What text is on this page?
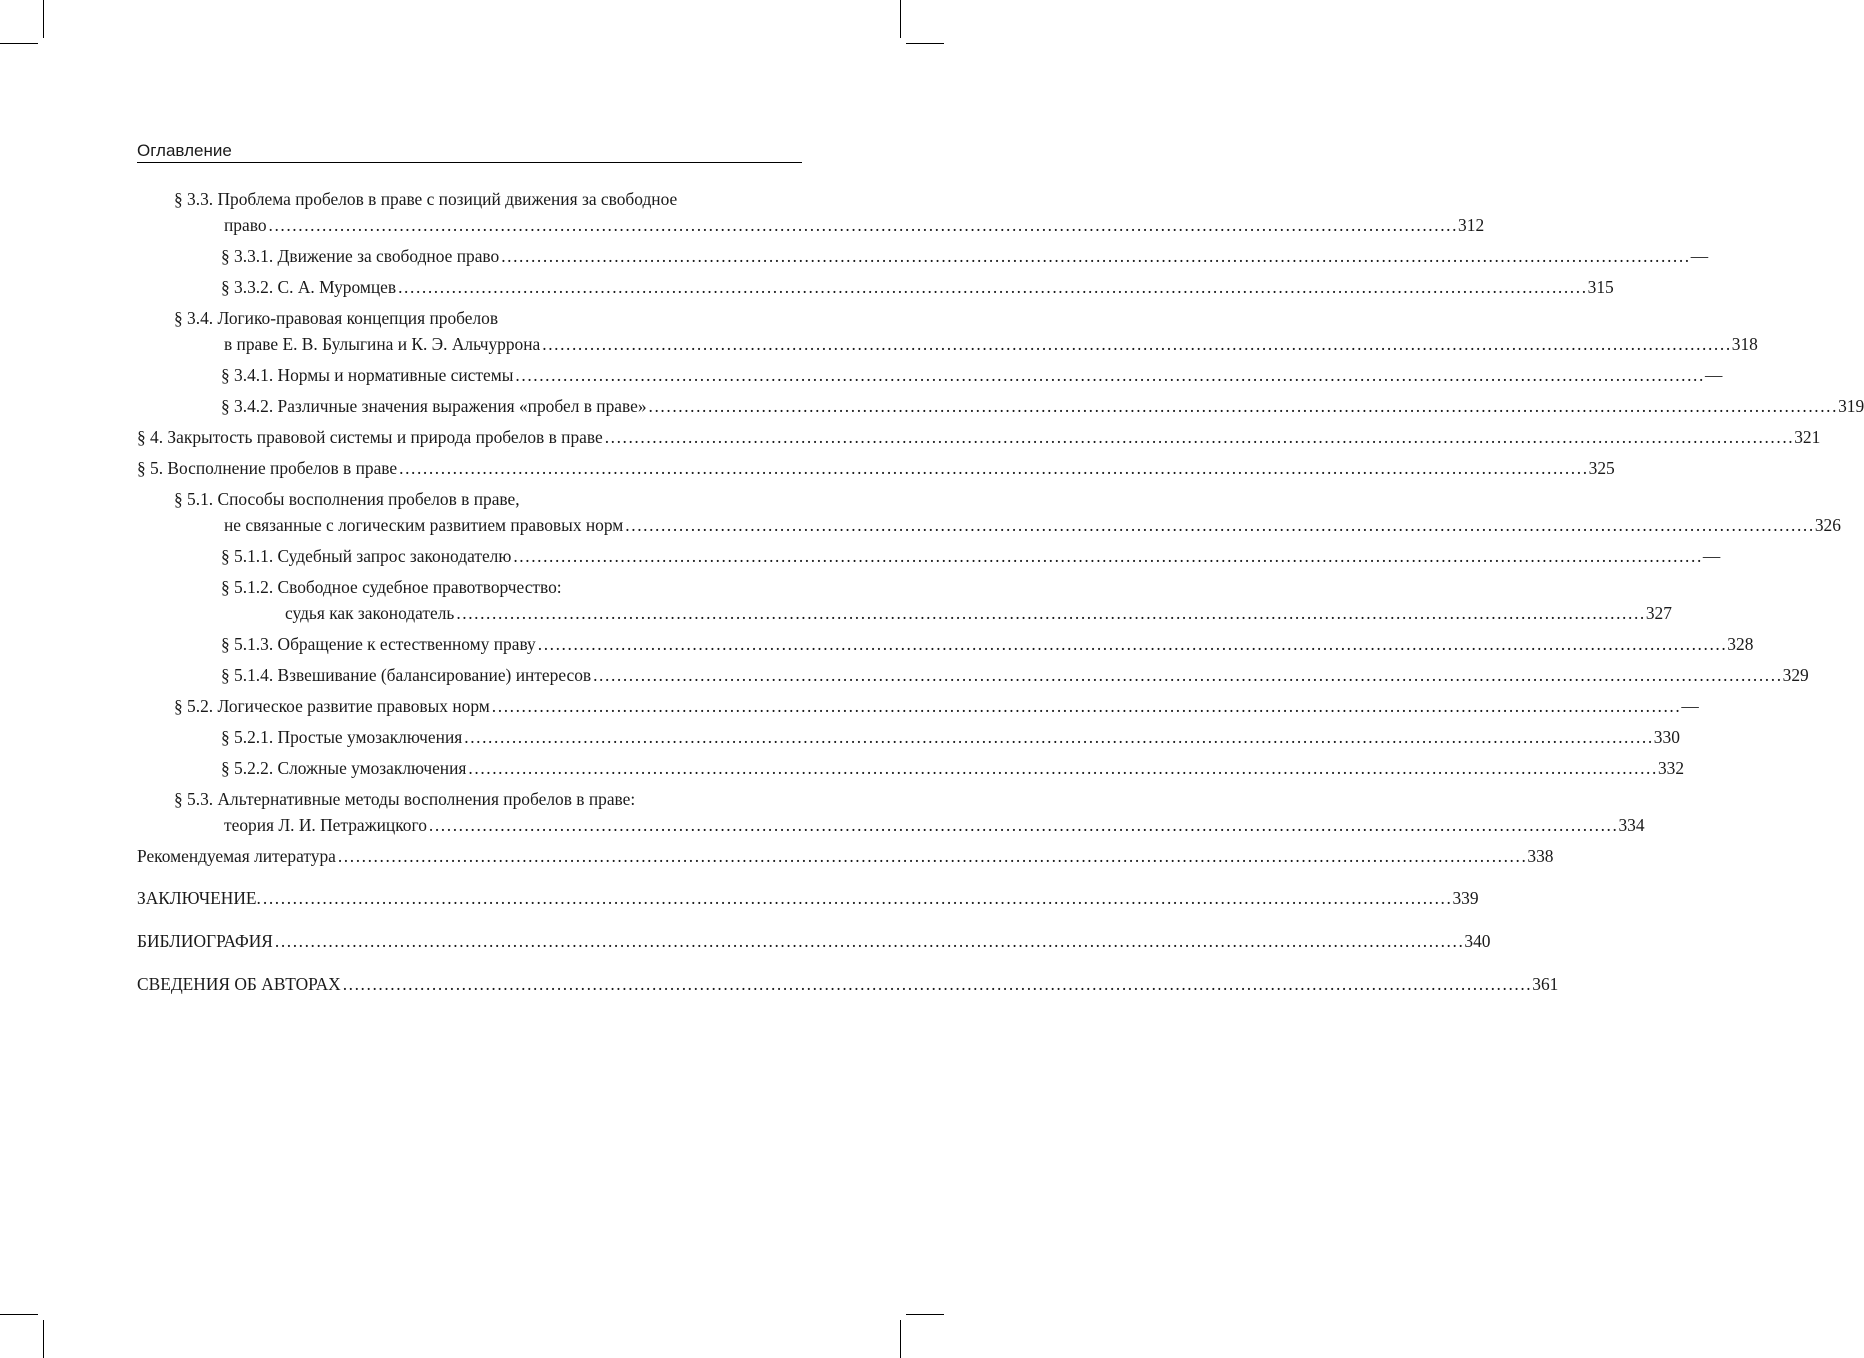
Оглавление
§ 3.3. Проблема пробелов в праве с позиций движения за свободное
право ........................................................................................................................................................................................................ 312
§ 3.3.1. Движение за свободное право ........................................................................................................................................................................................................ —
§ 3.3.2. С. А. Муромцев ........................................................................................................................................................................................................ 315
§ 3.4. Логико-правовая концепция пробелов
в праве Е. В. Булыгина и К. Э. Альчуррона ........................................................................................................................................................................................................ 318
§ 3.4.1. Нормы и нормативные системы ........................................................................................................................................................................................................ —
§ 3.4.2. Различные значения выражения «пробел в праве» ........................................................................................................................................................................................................ 319
§ 4. Закрытость правовой системы и природа пробелов в праве ........................................................................................................................................................................................................ 321
§ 5. Восполнение пробелов в праве ........................................................................................................................................................................................................ 325
§ 5.1. Способы восполнения пробелов в праве,
не связанные с логическим развитием правовых норм ........................................................................................................................................................................................................ 326
§ 5.1.1. Судебный запрос законодателю ........................................................................................................................................................................................................ —
§ 5.1.2. Свободное судебное правотворчество:
судья как законодатель ........................................................................................................................................................................................................ 327
§ 5.1.3. Обращение к естественному праву ........................................................................................................................................................................................................ 328
§ 5.1.4. Взвешивание (балансирование) интересов ........................................................................................................................................................................................................ 329
§ 5.2. Логическое развитие правовых норм ........................................................................................................................................................................................................ —
§ 5.2.1. Простые умозаключения ........................................................................................................................................................................................................ 330
§ 5.2.2. Сложные умозаключения ........................................................................................................................................................................................................ 332
§ 5.3. Альтернативные методы восполнения пробелов в праве:
теория Л. И. Петражицкого ........................................................................................................................................................................................................ 334
Рекомендуемая литература ........................................................................................................................................................................................................ 338
ЗАКЛЮЧЕНИЕ. ........................................................................................................................................................................................................ 339
БИБЛИОГРАФИЯ ........................................................................................................................................................................................................ 340
СВЕДЕНИЯ ОБ АВТОРАХ ........................................................................................................................................................................................................ 361
